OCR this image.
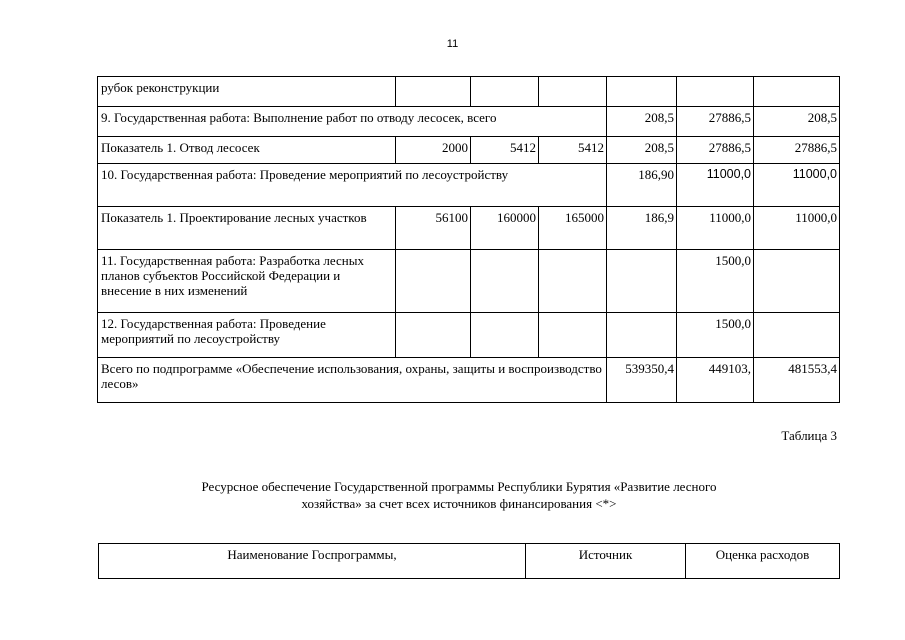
11
рубок реконструкции						
9. Государственная работа: Выполнение работ по отводу лесосек, всего				208,5	27886,5	208,5
Показатель 1. Отвод лесосек	2000	5412	5412	208,5	27886,5	27886,5
10. Государственная работа: Проведение мероприятий по лесоустройству				186,90	11000,0	11000,0
Показатель 1. Проектирование лесных участков	56100	160000	165000	186,9	11000,0	11000,0
11. Государственная работа: Разработка лесных планов субъектов Российской Федерации и внесение в них изменений					1500,0	
12. Государственная работа: Проведение мероприятий по лесоустройству					1500,0	
Всего по подпрограмме «Обеспечение использования, охраны, защиты и воспроизводство лесов»				539350,4	449103,	481553,4
Таблица 3
Ресурсное обеспечение Государственной программы Республики Бурятия «Развитие лесного хозяйства» за счет всех источников финансирования <*>
Наименование Госпрограммы,	Источник	Оценка расходов
